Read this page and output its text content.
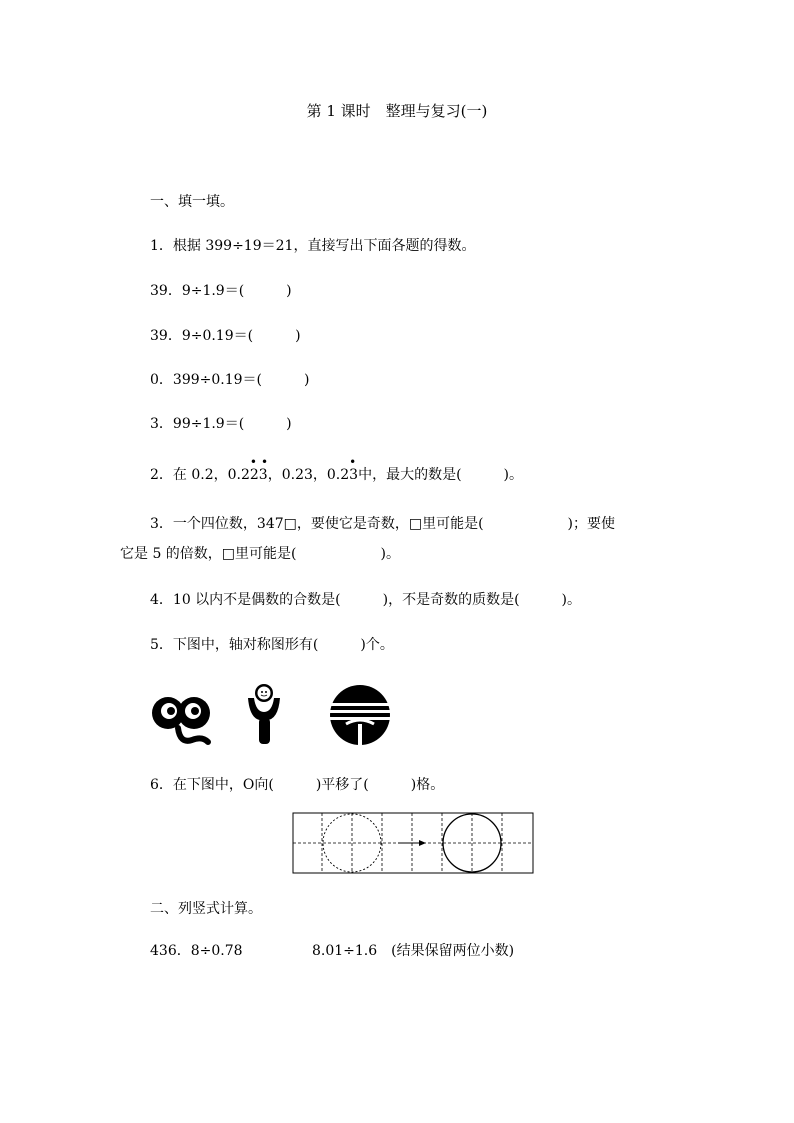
第 1 课时　整理与复习(一)
一、填一填。
1．根据 399÷19＝21，直接写出下面各题的得数。
39．9÷1.9＝(　　　)
39．9÷0.19＝(　　　)
0．399÷0.19＝(　　　)
3．99÷1.9＝(　　　)
2．在 0.2，0.2
••
23，0.23，0.2
•
3中，最大的数是(　　　)。
3．一个四位数，347□，要使它是奇数，□里可能是(　　　　　　)；要使
它是 5 的倍数，□里可能是(　　　　　　)。
4．10 以内不是偶数的合数是(　　　)，不是奇数的质数是(　　　)。
5．下图中，轴对称图形有(　　　)个。
6．在下图中，O向(　　　)平移了(　　　)格。
二、列竖式计算。
436．8÷0.78	8.01÷1.6　(结果保留两位小数)
